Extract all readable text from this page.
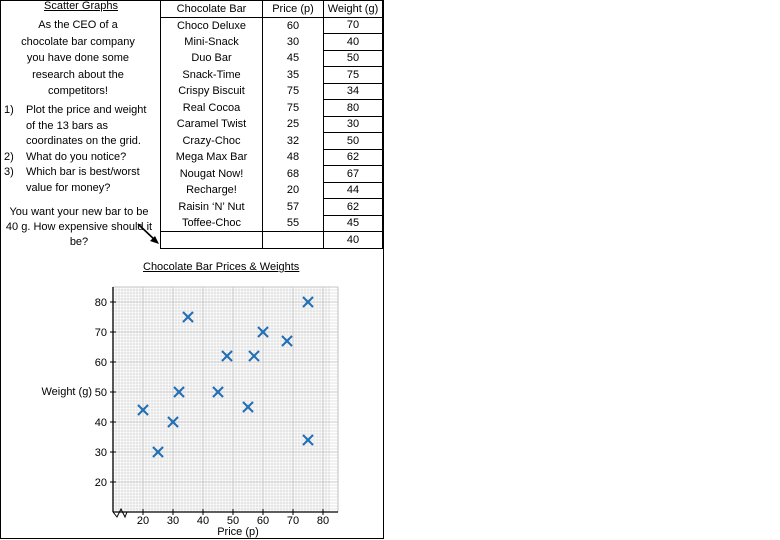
Scatter Graphs
As the CEO of a chocolate bar company you have done some research about the competitors!
1) Plot the price and weight of the 13 bars as coordinates on the grid.
2) What do you notice?
3) Which bar is best/worst value for money?
You want your new bar to be 40 g. How expensive should it be?
Chocolate Bar	Price (p)	Weight (g)
Choco Deluxe	60	70
Mini-Snack	30	40
Duo Bar	45	50
Snack-Time	35	75
Crispy Biscuit	75	34
Real Cocoa	75	80
Caramel Twist	25	30
Crazy-Choc	32	50
Mega Max Bar	48	62
Nougat Now!	68	67
Recharge!	20	44
Raisin ‘N’ Nut	57	62
Toffee-Choc	55	45
		40
Chocolate Bar Prices & Weights
20 30 40 50 60 70 80
20
30
40
50
60
70
80
Price (p)
Weight (g)
